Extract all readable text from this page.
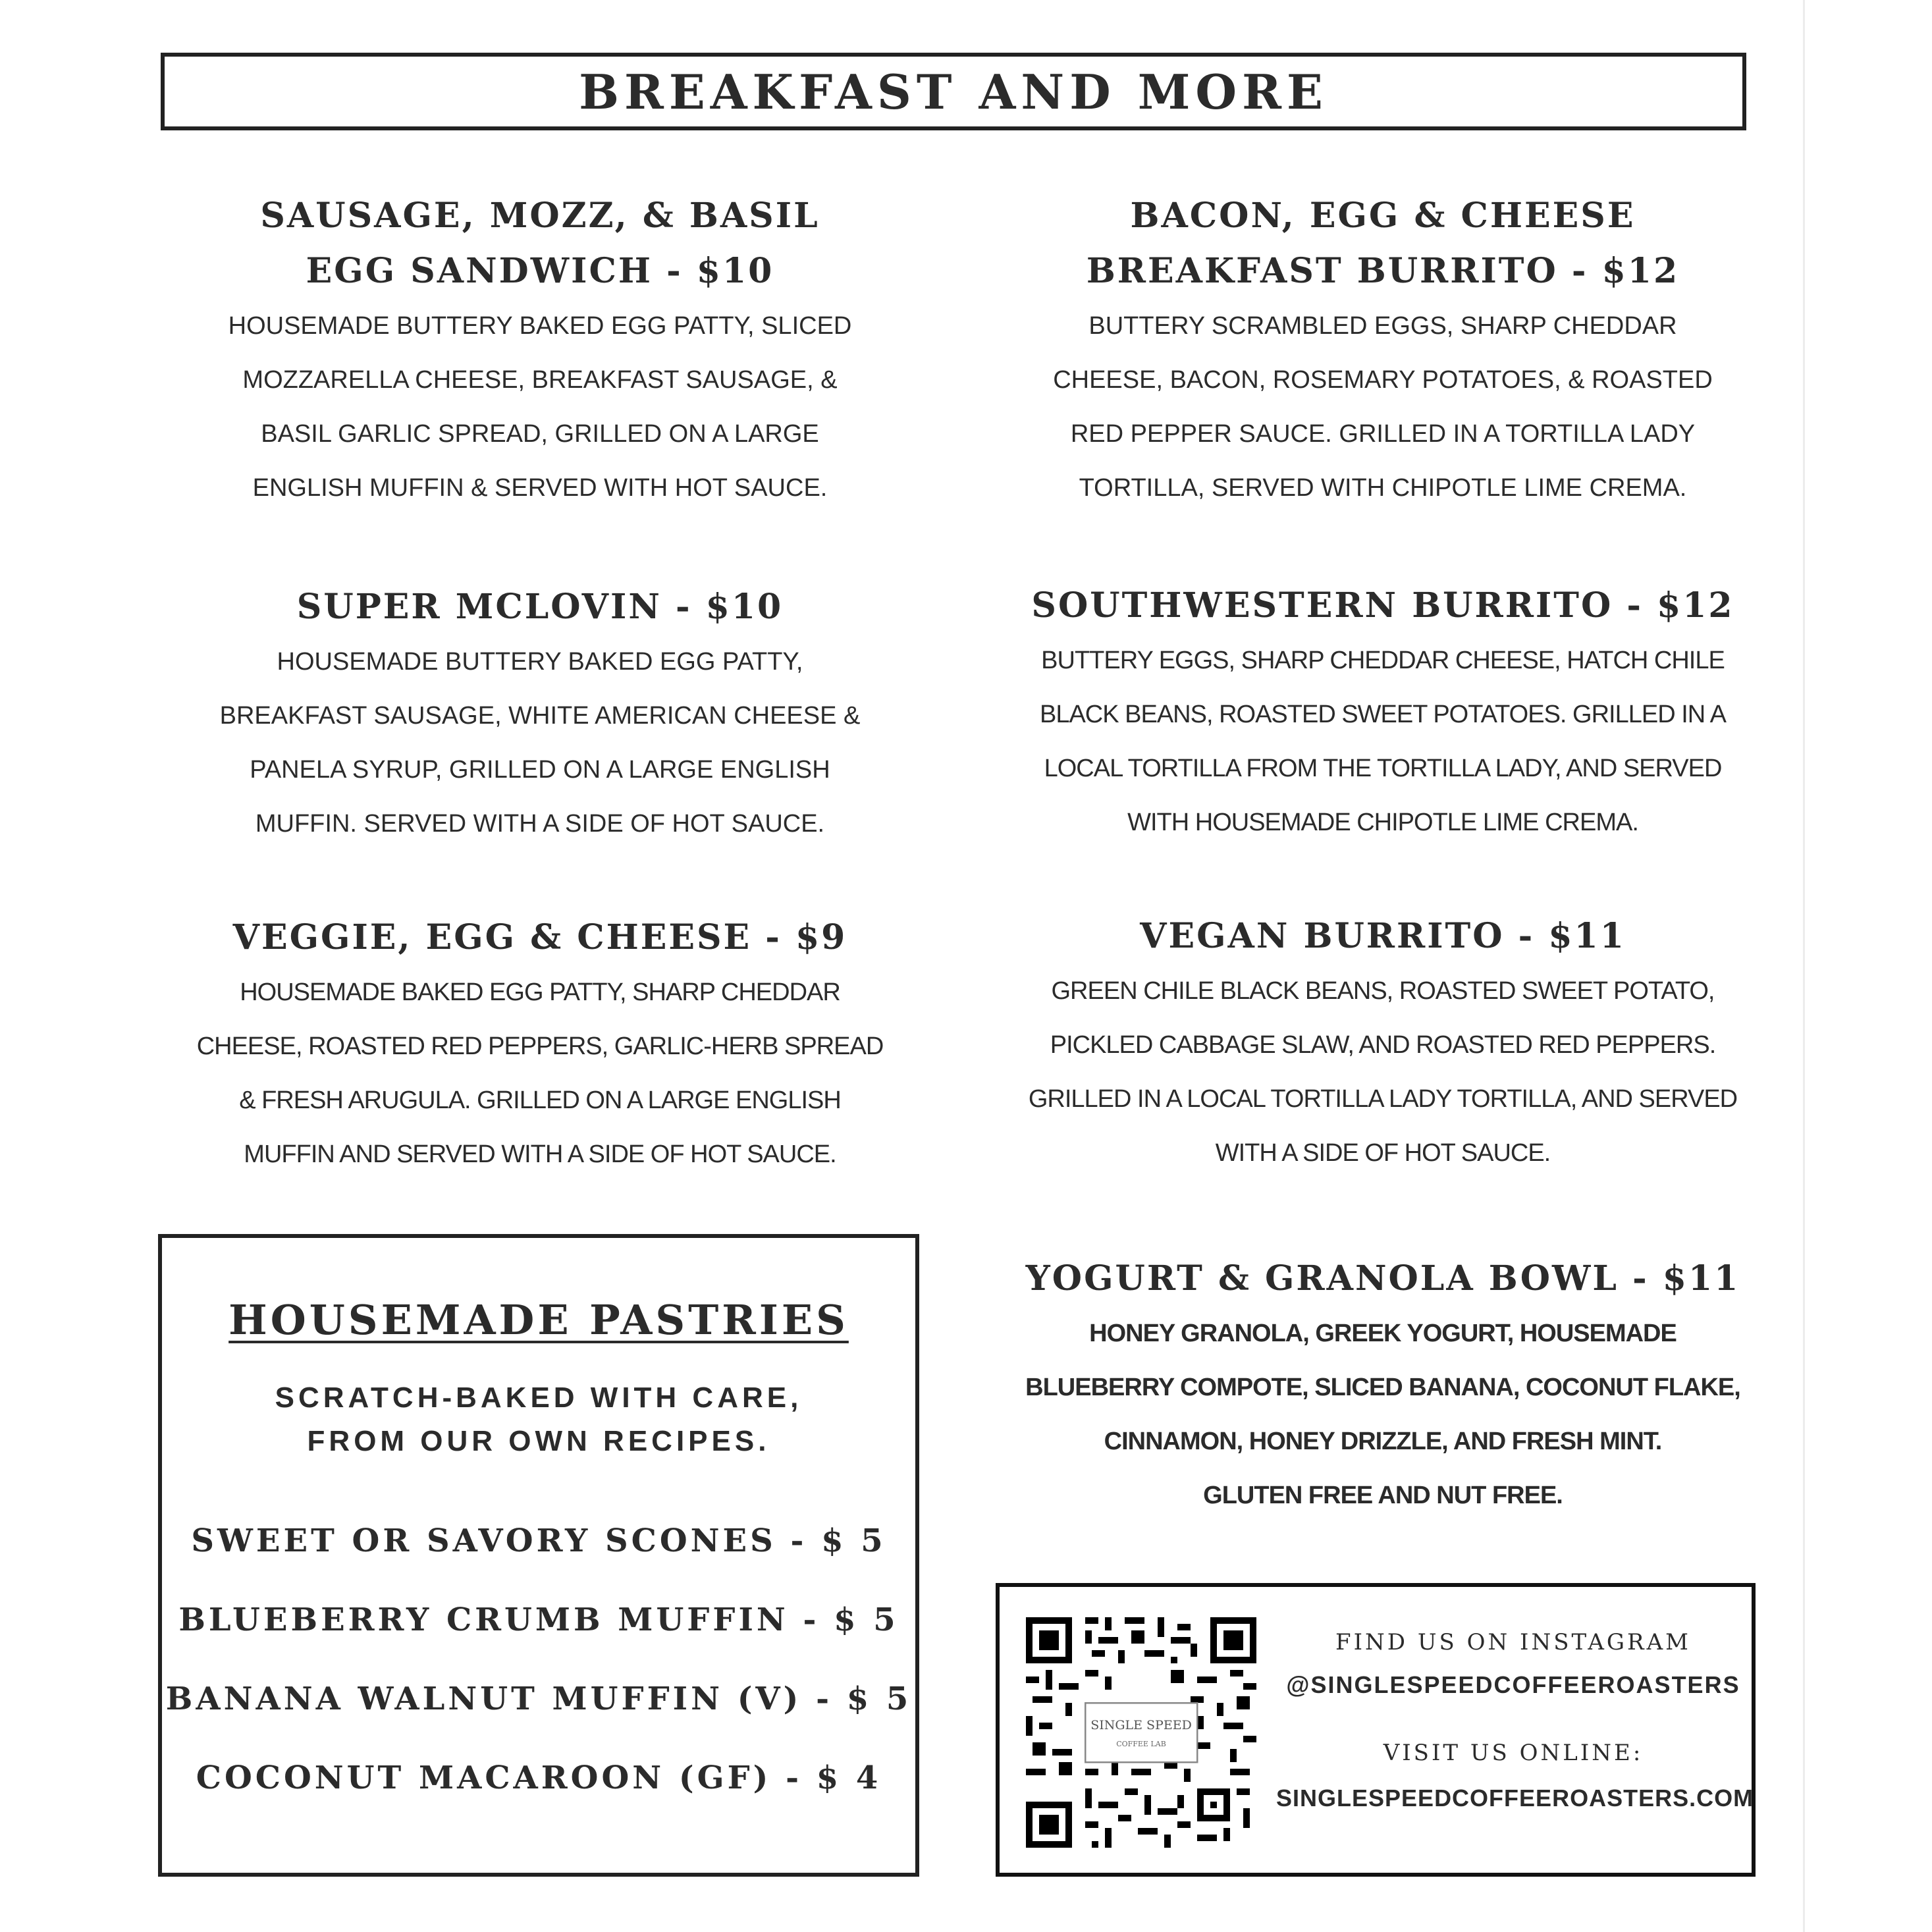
BREAKFAST AND MORE
SAUSAGE, MOZZ, & BASIL
EGG SANDWICH - $10

HOUSEMADE BUTTERY BAKED EGG PATTY, SLICED

MOZZARELLA CHEESE, BREAKFAST SAUSAGE, &

BASIL GARLIC SPREAD, GRILLED ON A LARGE

ENGLISH MUFFIN & SERVED WITH HOT SAUCE.

SUPER MCLOVIN - $10

HOUSEMADE BUTTERY BAKED EGG PATTY,

BREAKFAST SAUSAGE, WHITE AMERICAN CHEESE &

PANELA SYRUP, GRILLED ON A LARGE ENGLISH

MUFFIN. SERVED WITH A SIDE OF HOT SAUCE.

VEGGIE, EGG & CHEESE - $9

HOUSEMADE BAKED EGG PATTY, SHARP CHEDDAR

CHEESE, ROASTED RED PEPPERS, GARLIC-HERB SPREAD

& FRESH ARUGULA. GRILLED ON A LARGE ENGLISH

MUFFIN AND SERVED WITH A SIDE OF HOT SAUCE.

BACON, EGG & CHEESE
BREAKFAST BURRITO - $12

BUTTERY SCRAMBLED EGGS, SHARP CHEDDAR

CHEESE, BACON, ROSEMARY POTATOES, & ROASTED

RED PEPPER SAUCE. GRILLED IN A TORTILLA LADY

TORTILLA, SERVED WITH CHIPOTLE LIME CREMA.

SOUTHWESTERN BURRITO - $12

BUTTERY EGGS, SHARP CHEDDAR CHEESE, HATCH CHILE

BLACK BEANS, ROASTED SWEET POTATOES. GRILLED IN A

LOCAL TORTILLA FROM THE TORTILLA LADY, AND SERVED

WITH HOUSEMADE CHIPOTLE LIME CREMA.

VEGAN BURRITO - $11

GREEN CHILE BLACK BEANS, ROASTED SWEET POTATO,

PICKLED CABBAGE SLAW, AND ROASTED RED PEPPERS.

GRILLED IN A LOCAL TORTILLA LADY TORTILLA, AND SERVED

WITH A SIDE OF HOT SAUCE.

YOGURT & GRANOLA BOWL - $11

HONEY GRANOLA, GREEK YOGURT, HOUSEMADE

BLUEBERRY COMPOTE, SLICED BANANA, COCONUT FLAKE,

CINNAMON, HONEY DRIZZLE, AND FRESH MINT.

GLUTEN FREE AND NUT FREE.

HOUSEMADE PASTRIES
SCRATCH-BAKED WITH CARE,
FROM OUR OWN RECIPES.
SWEET OR SAVORY SCONES - $ 5
BLUEBERRY CRUMB MUFFIN - $ 5
BANANA WALNUT MUFFIN (V) - $ 5
COCONUT MACAROON (GF) - $ 4
SINGLE SPEED
COFFEE LAB
FIND US ON INSTAGRAM
@SINGLESPEEDCOFFEEROASTERS
VISIT US ONLINE:
SINGLESPEEDCOFFEEROASTERS.COM
